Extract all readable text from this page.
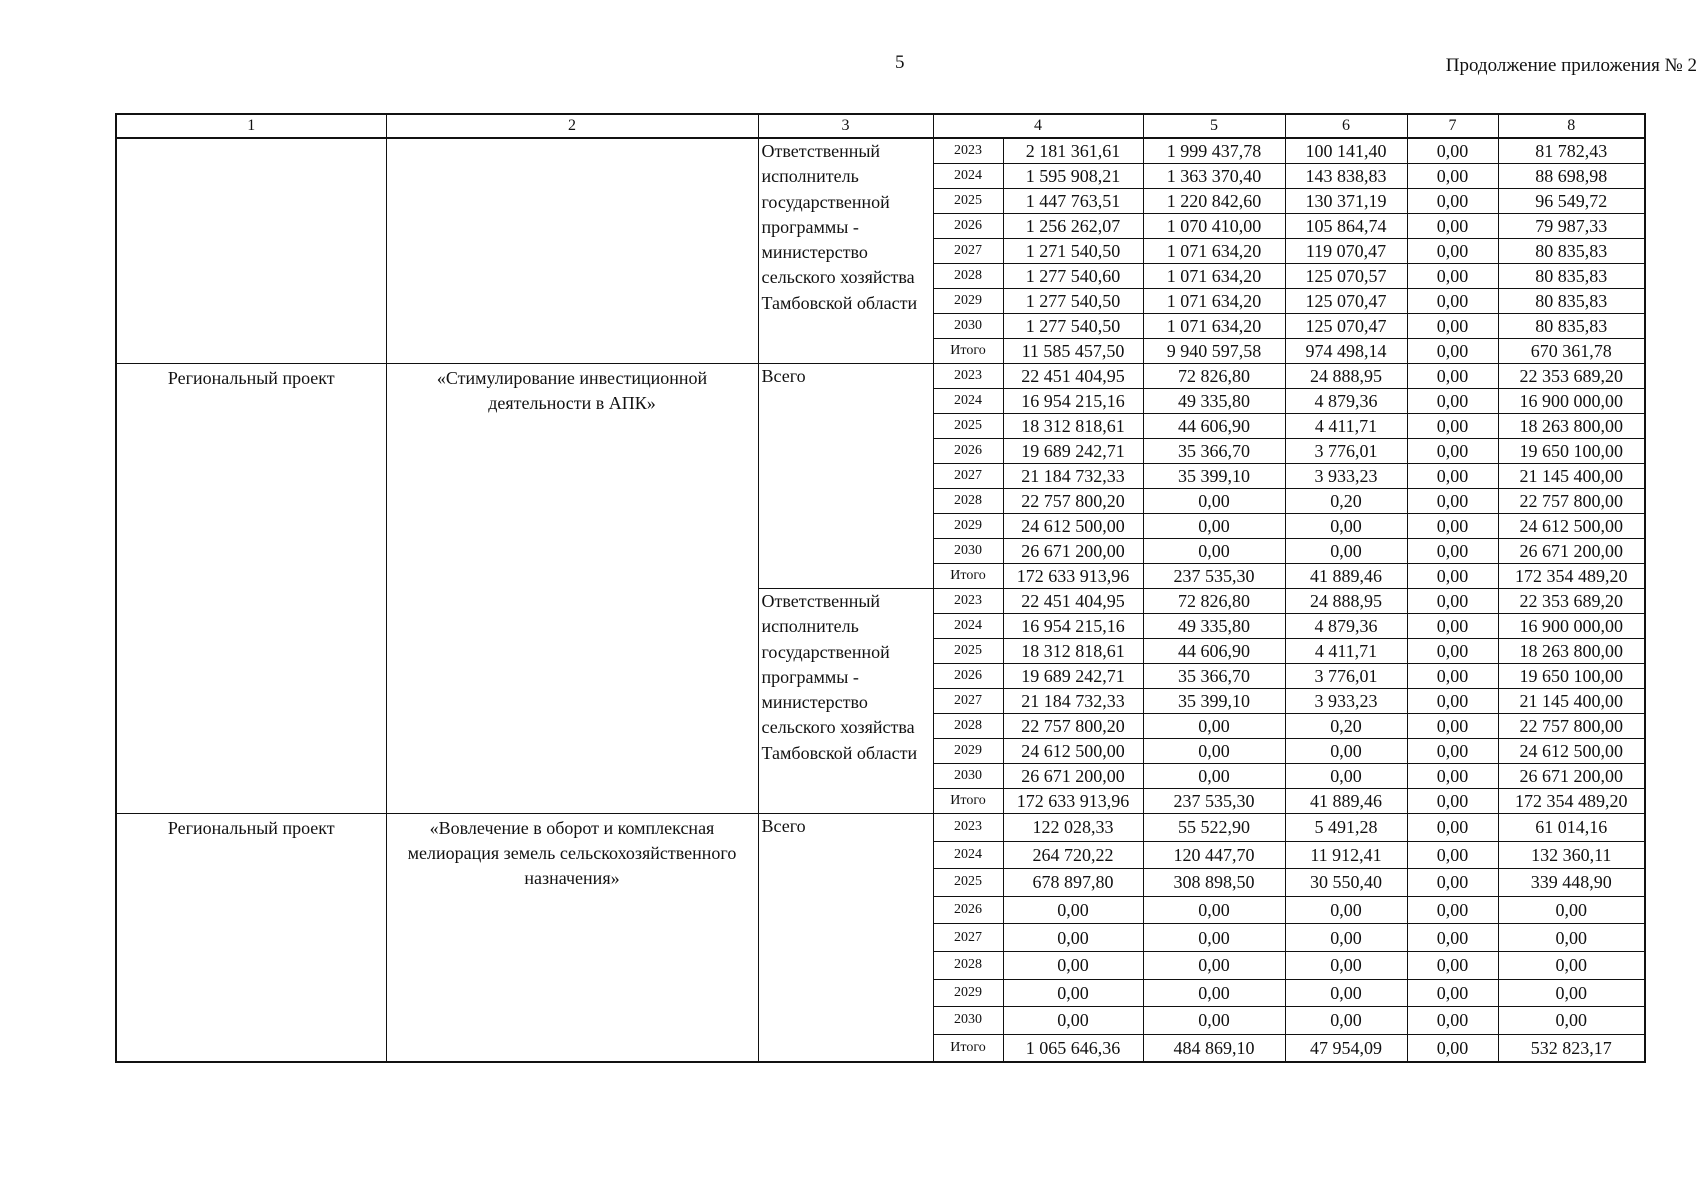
5	Продолжение приложения № 2
1	2	3	4		5	6	7	8
		Ответственный исполнитель государственной программы - министерство сельского хозяйства Тамбовской области	2023	2 181 361,61	1 999 437,78	100 141,40	0,00	81 782,43
			2024	1 595 908,21	1 363 370,40	143 838,83	0,00	88 698,98
			2025	1 447 763,51	1 220 842,60	130 371,19	0,00	96 549,72
			2026	1 256 262,07	1 070 410,00	105 864,74	0,00	79 987,33
			2027	1 271 540,50	1 071 634,20	119 070,47	0,00	80 835,83
			2028	1 277 540,60	1 071 634,20	125 070,57	0,00	80 835,83
			2029	1 277 540,50	1 071 634,20	125 070,47	0,00	80 835,83
			2030	1 277 540,50	1 071 634,20	125 070,47	0,00	80 835,83
			Итого	11 585 457,50	9 940 597,58	974 498,14	0,00	670 361,78
Региональный проект	«Стимулирование инвестиционной деятельности в АПК»	Всего	2023	22 451 404,95	72 826,80	24 888,95	0,00	22 353 689,20
			2024	16 954 215,16	49 335,80	4 879,36	0,00	16 900 000,00
			2025	18 312 818,61	44 606,90	4 411,71	0,00	18 263 800,00
			2026	19 689 242,71	35 366,70	3 776,01	0,00	19 650 100,00
			2027	21 184 732,33	35 399,10	3 933,23	0,00	21 145 400,00
			2028	22 757 800,20	0,00	0,20	0,00	22 757 800,00
			2029	24 612 500,00	0,00	0,00	0,00	24 612 500,00
			2030	26 671 200,00	0,00	0,00	0,00	26 671 200,00
			Итого	172 633 913,96	237 535,30	41 889,46	0,00	172 354 489,20
		Ответственный исполнитель государственной программы - министерство сельского хозяйства Тамбовской области	2023	22 451 404,95	72 826,80	24 888,95	0,00	22 353 689,20
			2024	16 954 215,16	49 335,80	4 879,36	0,00	16 900 000,00
			2025	18 312 818,61	44 606,90	4 411,71	0,00	18 263 800,00
			2026	19 689 242,71	35 366,70	3 776,01	0,00	19 650 100,00
			2027	21 184 732,33	35 399,10	3 933,23	0,00	21 145 400,00
			2028	22 757 800,20	0,00	0,20	0,00	22 757 800,00
			2029	24 612 500,00	0,00	0,00	0,00	24 612 500,00
			2030	26 671 200,00	0,00	0,00	0,00	26 671 200,00
			Итого	172 633 913,96	237 535,30	41 889,46	0,00	172 354 489,20
Региональный проект	«Вовлечение в оборот и комплексная мелиорация земель сельскохозяйственного назначения»	Всего	2023	122 028,33	55 522,90	5 491,28	0,00	61 014,16
			2024	264 720,22	120 447,70	11 912,41	0,00	132 360,11
			2025	678 897,80	308 898,50	30 550,40	0,00	339 448,90
			2026	0,00	0,00	0,00	0,00	0,00
			2027	0,00	0,00	0,00	0,00	0,00
			2028	0,00	0,00	0,00	0,00	0,00
			2029	0,00	0,00	0,00	0,00	0,00
			2030	0,00	0,00	0,00	0,00	0,00
			Итого	1 065 646,36	484 869,10	47 954,09	0,00	532 823,17
